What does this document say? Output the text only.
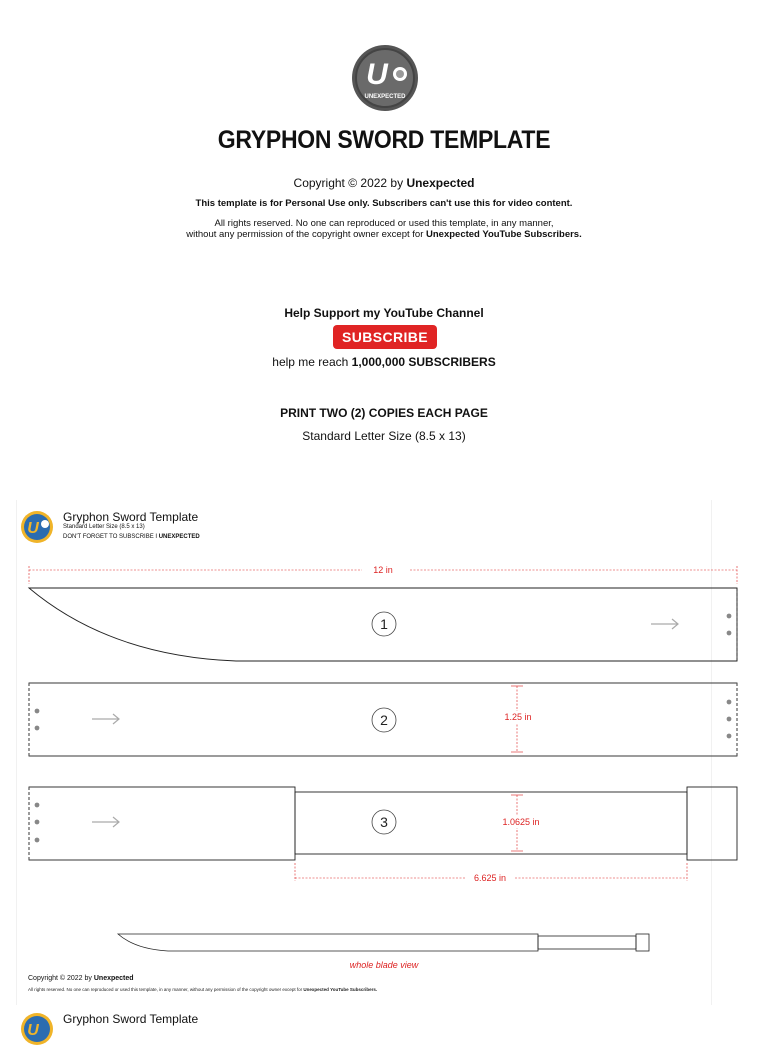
U
UNEXPECTED
GRYPHON SWORD TEMPLATE
Copyright © 2022 by Unexpected
This template is for Personal Use only. Subscribers can't use this for video content.
All rights reserved. No one can reproduced or used this template, in any manner,
without any permission of the copyright owner except for Unexpected YouTube Subscribers.
Help Support my YouTube Channel
SUBSCRIBE
help me reach 1,000,000 SUBSCRIBERS
PRINT TWO (2) COPIES EACH PAGE
Standard Letter Size (8.5 x 13)
U
Gryphon Sword Template
Standard Letter Size (8.5 x 13)
DON'T FORGET TO SUBSCRIBE I UNEXPECTED
12 in
1
2	1.25 in
3	1.0625 in
6.625 in
whole blade view
Copyright © 2022 by Unexpected
All rights reserved. No one can reproduced or used this template, in any manner, without any permission of the copyright owner except for Unexpected YouTube Subscribers.
U
Gryphon Sword Template
